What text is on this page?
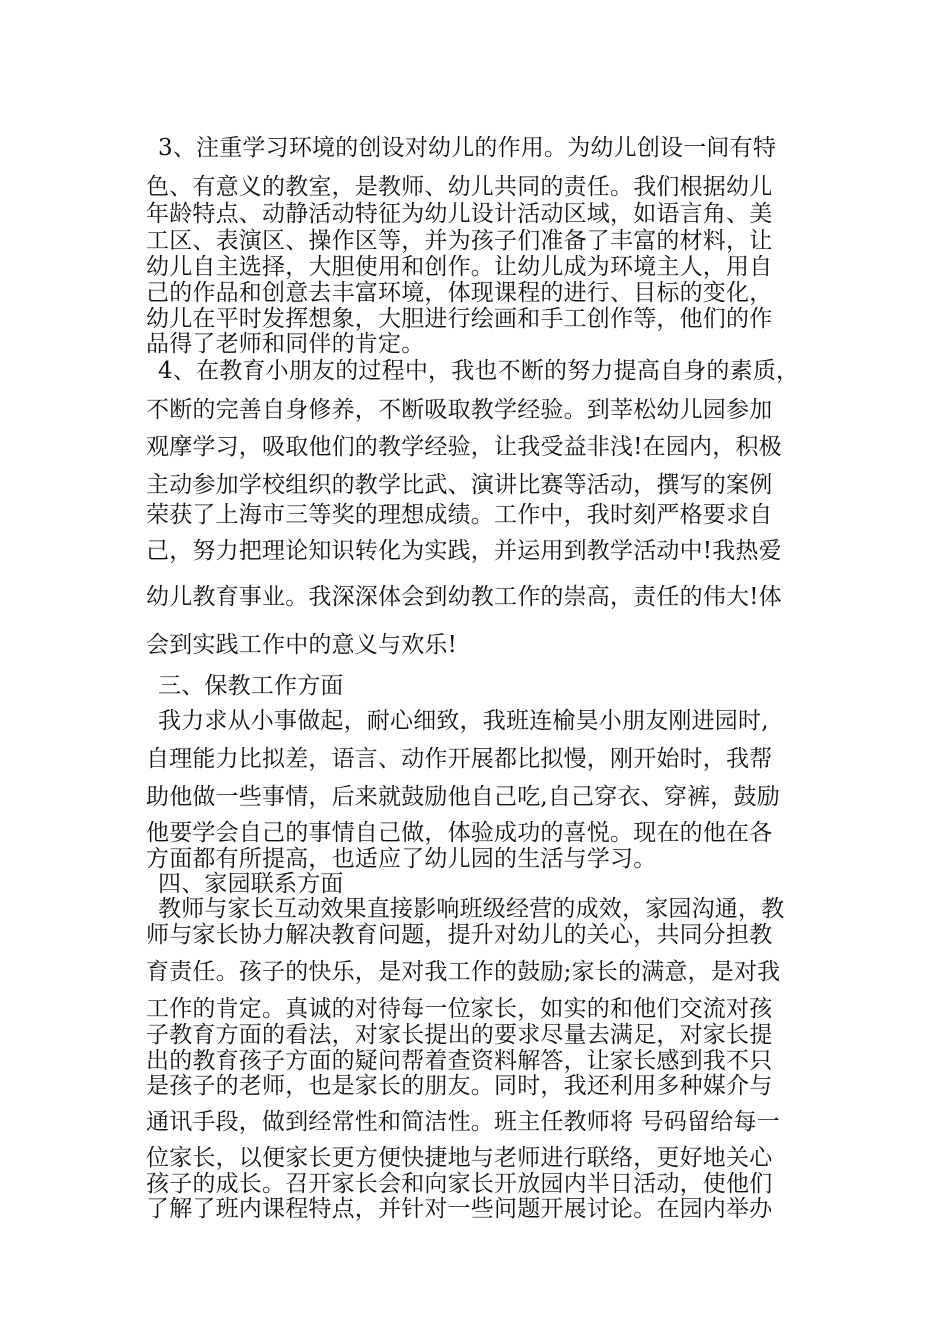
3、注重学习环境的创设对幼儿的作用。为幼儿创设一间有特
色、有意义的教室，是教师、幼儿共同的责任。我们根据幼儿
年龄特点、动静活动特征为幼儿设计活动区域，如语言角、美
工区、表演区、操作区等，并为孩子们准备了丰富的材料，让
幼儿自主选择，大胆使用和创作。让幼儿成为环境主人，用自
己的作品和创意去丰富环境，体现课程的进行、目标的变化，
幼儿在平时发挥想象，大胆进行绘画和手工创作等，他们的作
品得了老师和同伴的肯定。
4、在教育小朋友的过程中，我也不断的努力提高自身的素质，
不断的完善自身修养，不断吸取教学经验。到莘松幼儿园参加
观摩学习，吸取他们的教学经验，让我受益非浅!在园内，积极
主动参加学校组织的教学比武、演讲比赛等活动，撰写的案例
荣获了上海市三等奖的理想成绩。工作中，我时刻严格要求自
己，努力把理论知识转化为实践，并运用到教学活动中!我热爱
幼儿教育事业。我深深体会到幼教工作的崇高，责任的伟大!体
会到实践工作中的意义与欢乐!
三、保教工作方面
我力求从小事做起，耐心细致，我班连榆昊小朋友刚进园时,
自理能力比拟差，语言、动作开展都比拟慢，刚开始时，我帮
助他做一些事情，后来就鼓励他自己吃,自己穿衣、穿裤，鼓励
他要学会自己的事情自己做，体验成功的喜悦。现在的他在各
方面都有所提高，也适应了幼儿园的生活与学习。
四、家园联系方面
教师与家长互动效果直接影响班级经营的成效，家园沟通，教
师与家长协力解决教育问题，提升对幼儿的关心，共同分担教
育责任。孩子的快乐，是对我工作的鼓励;家长的满意，是对我
工作的肯定。真诚的对待每一位家长，如实的和他们交流对孩
子教育方面的看法，对家长提出的要求尽量去满足，对家长提
出的教育孩子方面的疑问帮着查资料解答，让家长感到我不只
是孩子的老师，也是家长的朋友。同时，我还利用多种媒介与
通讯手段，做到经常性和简洁性。班主任教师将 号码留给每一
位家长，以便家长更方便快捷地与老师进行联络，更好地关心
孩子的成长。召开家长会和向家长开放园内半日活动，使他们
了解了班内课程特点，并针对一些问题开展讨论。在园内举办
